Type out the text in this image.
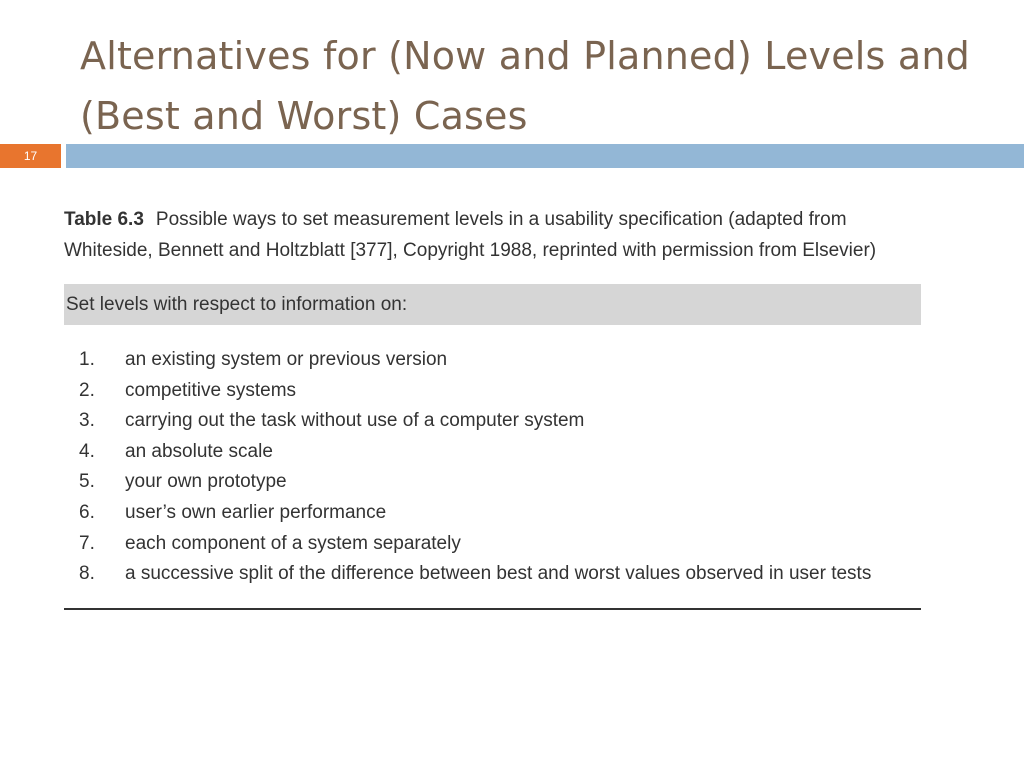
Alternatives for (Now and Planned) Levels and (Best and Worst) Cases
17

Table 6.3 Possible ways to set measurement levels in a usability specification (adapted from Whiteside, Bennett and Holtzblatt [377], Copyright 1988, reprinted with permission from Elsevier)

Set levels with respect to information on:
1.	an existing system or previous version
2.	competitive systems
3.	carrying out the task without use of a computer system
4.	an absolute scale
5.	your own prototype
6.	user’s own earlier performance
7.	each component of a system separately
8.	a successive split of the difference between best and worst values observed in user tests
